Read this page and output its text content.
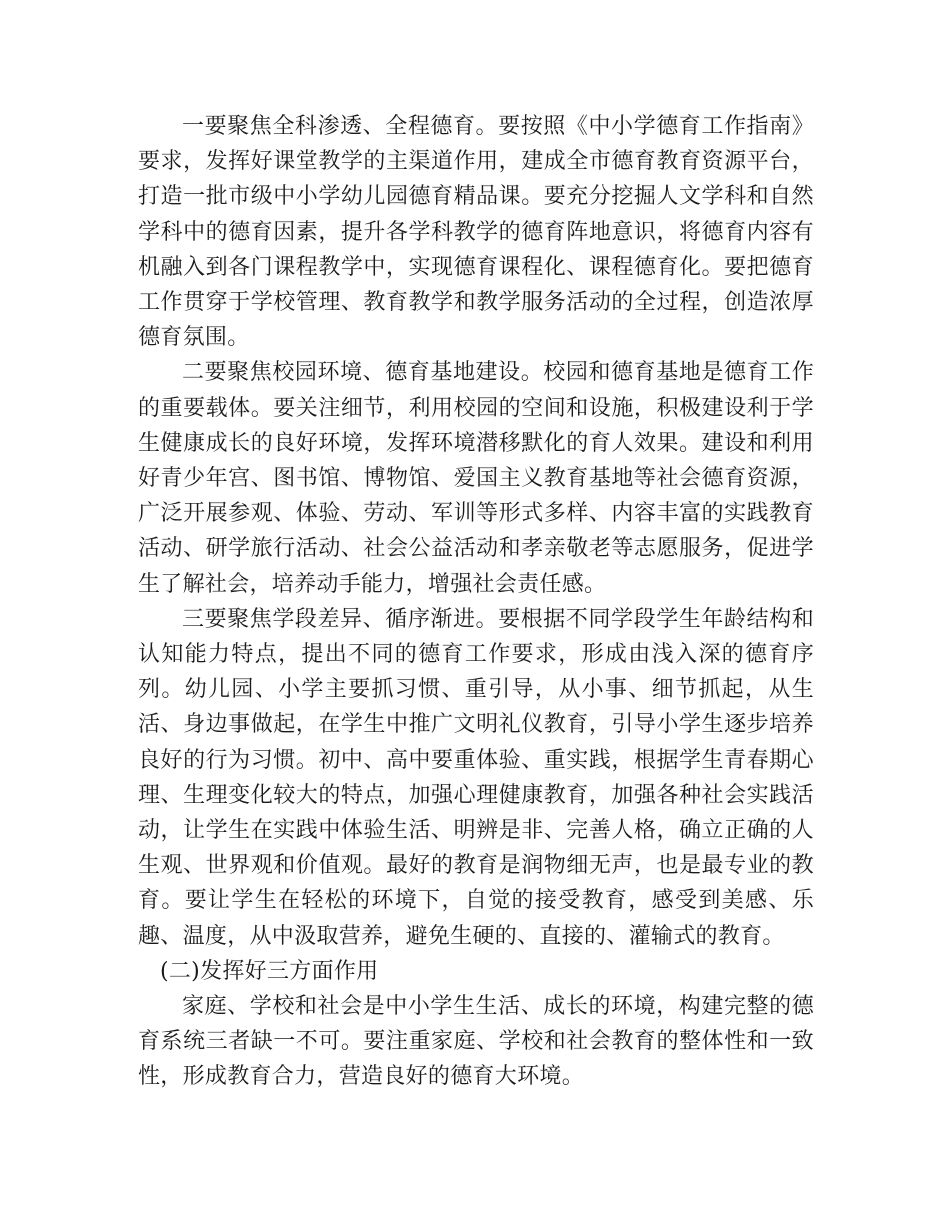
一要聚焦全科渗透、全程德育。要按照《中小学德育工作指南》要求，发挥好课堂教学的主渠道作用，建成全市德育教育资源平台，打造一批市级中小学幼儿园德育精品课。要充分挖掘人文学科和自然学科中的德育因素，提升各学科教学的德育阵地意识，将德育内容有机融入到各门课程教学中，实现德育课程化、课程德育化。要把德育工作贯穿于学校管理、教育教学和教学服务活动的全过程，创造浓厚德育氛围。

二要聚焦校园环境、德育基地建设。校园和德育基地是德育工作的重要载体。要关注细节，利用校园的空间和设施，积极建设利于学生健康成长的良好环境，发挥环境潜移默化的育人效果。建设和利用好青少年宫、图书馆、博物馆、爱国主义教育基地等社会德育资源，广泛开展参观、体验、劳动、军训等形式多样、内容丰富的实践教育活动、研学旅行活动、社会公益活动和孝亲敬老等志愿服务，促进学生了解社会，培养动手能力，增强社会责任感。

三要聚焦学段差异、循序渐进。要根据不同学段学生年龄结构和认知能力特点，提出不同的德育工作要求，形成由浅入深的德育序列。幼儿园、小学主要抓习惯、重引导，从小事、细节抓起，从生活、身边事做起，在学生中推广文明礼仪教育，引导小学生逐步培养良好的行为习惯。初中、高中要重体验、重实践，根据学生青春期心理、生理变化较大的特点，加强心理健康教育，加强各种社会实践活动，让学生在实践中体验生活、明辨是非、完善人格，确立正确的人生观、世界观和价值观。最好的教育是润物细无声，也是最专业的教育。要让学生在轻松的环境下，自觉的接受教育，感受到美感、乐趣、温度，从中汲取营养，避免生硬的、直接的、灌输式的教育。

(二)发挥好三方面作用

家庭、学校和社会是中小学生生活、成长的环境，构建完整的德育系统三者缺一不可。要注重家庭、学校和社会教育的整体性和一致性，形成教育合力，营造良好的德育大环境。
